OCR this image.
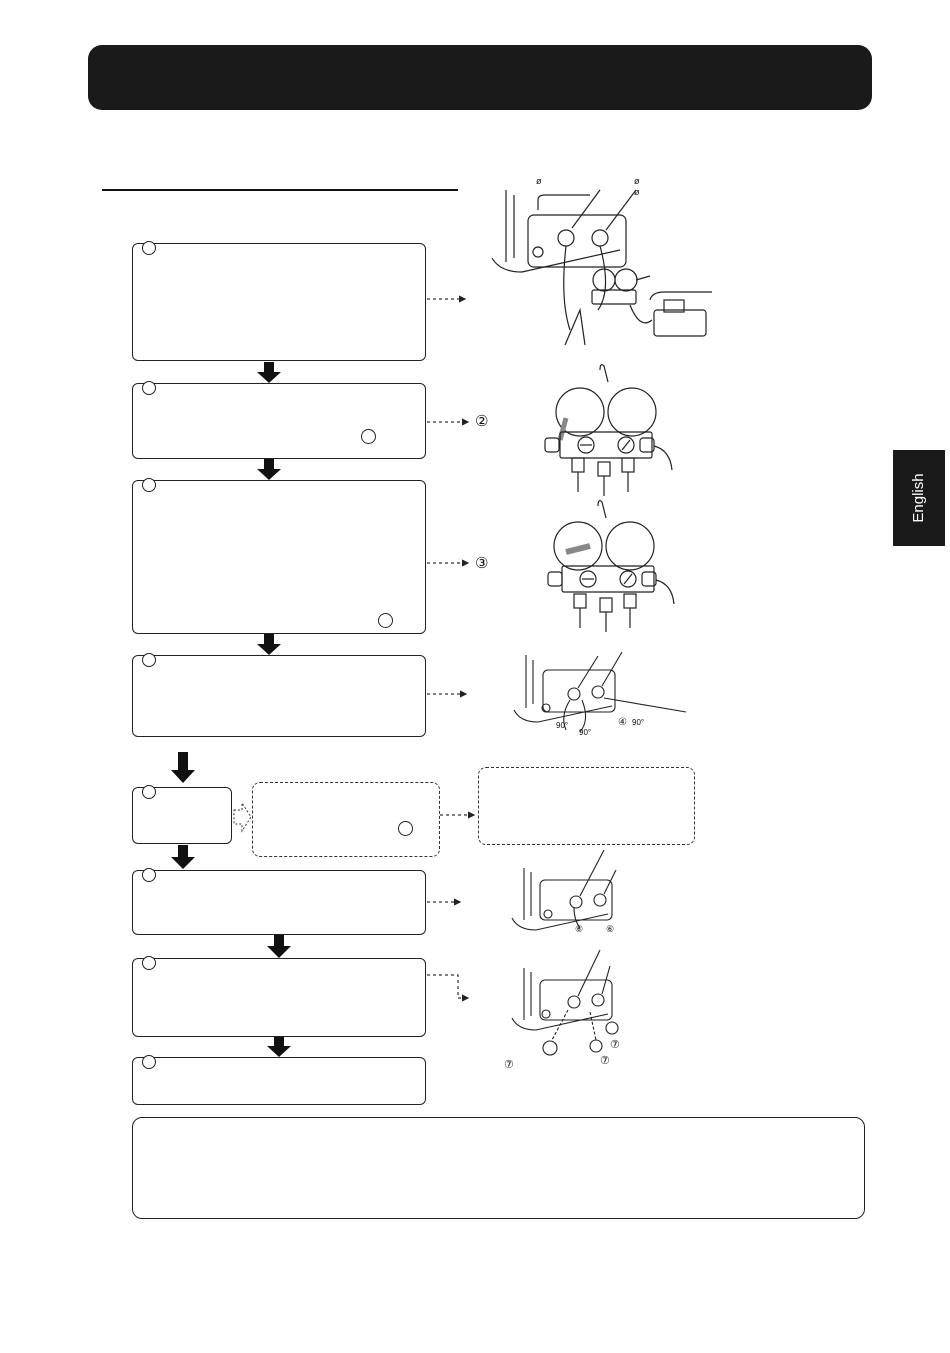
English
②
③
④
⑥	⑥
⑦
⑦
⑦
ø	ø
ø
90°
90°
90°
